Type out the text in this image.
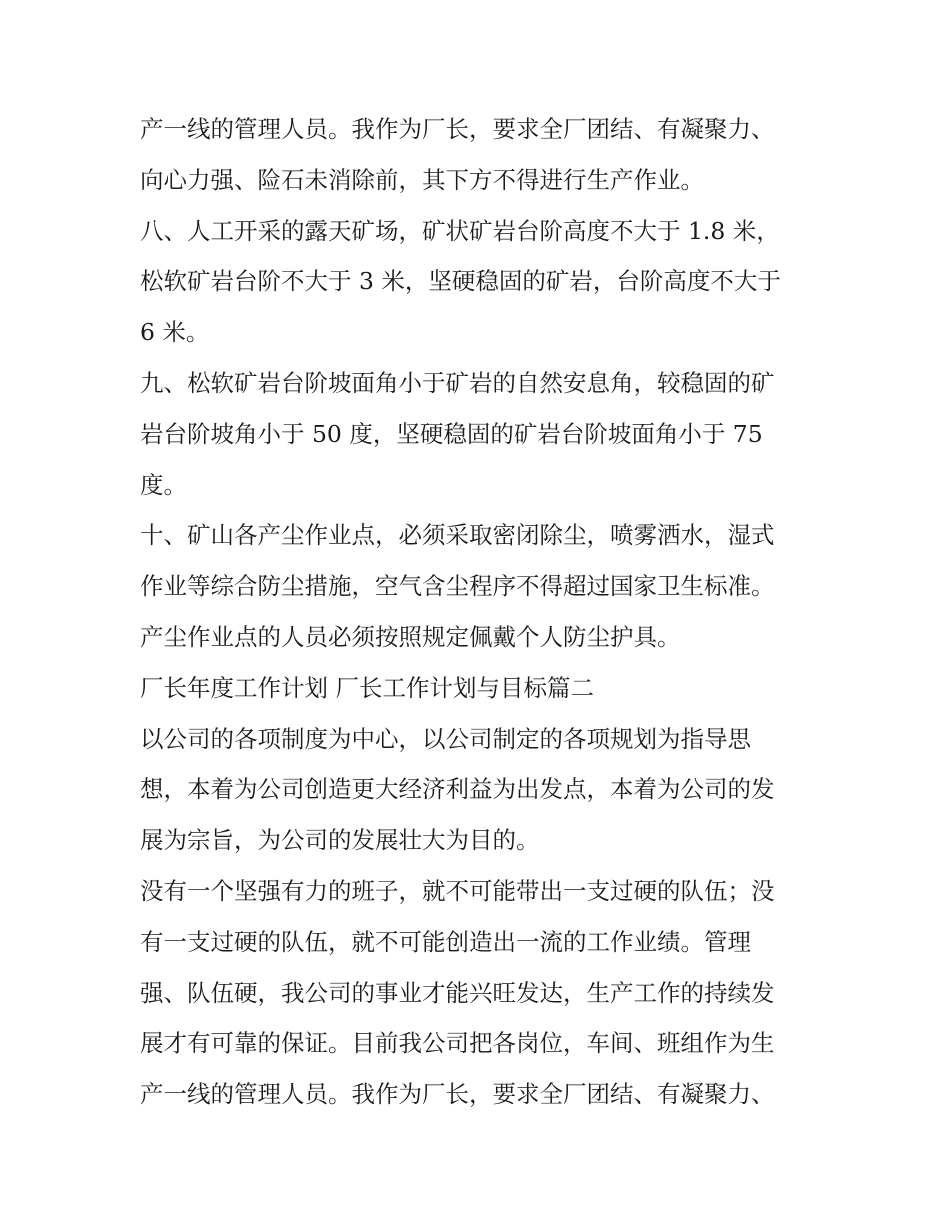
产一线的管理人员。我作为厂长，要求全厂团结、有凝聚力、
向心力强、险石未消除前，其下方不得进行生产作业。

八、人工开采的露天矿场，矿状矿岩台阶高度不大于 1.8 米，
松软矿岩台阶不大于 3 米，坚硬稳固的矿岩，台阶高度不大于
6 米。

九、松软矿岩台阶坡面角小于矿岩的自然安息角，较稳固的矿
岩台阶坡角小于 50 度，坚硬稳固的矿岩台阶坡面角小于 75
度。

十、矿山各产尘作业点，必须采取密闭除尘，喷雾洒水，湿式
作业等综合防尘措施，空气含尘程序不得超过国家卫生标准。
产尘作业点的人员必须按照规定佩戴个人防尘护具。

厂长年度工作计划 厂长工作计划与目标篇二

以公司的各项制度为中心，以公司制定的各项规划为指导思
想，本着为公司创造更大经济利益为出发点，本着为公司的发
展为宗旨，为公司的发展壮大为目的。

没有一个坚强有力的班子，就不可能带出一支过硬的队伍；没
有一支过硬的队伍，就不可能创造出一流的工作业绩。管理
强、队伍硬，我公司的事业才能兴旺发达，生产工作的持续发
展才有可靠的保证。目前我公司把各岗位，车间、班组作为生
产一线的管理人员。我作为厂长，要求全厂团结、有凝聚力、
